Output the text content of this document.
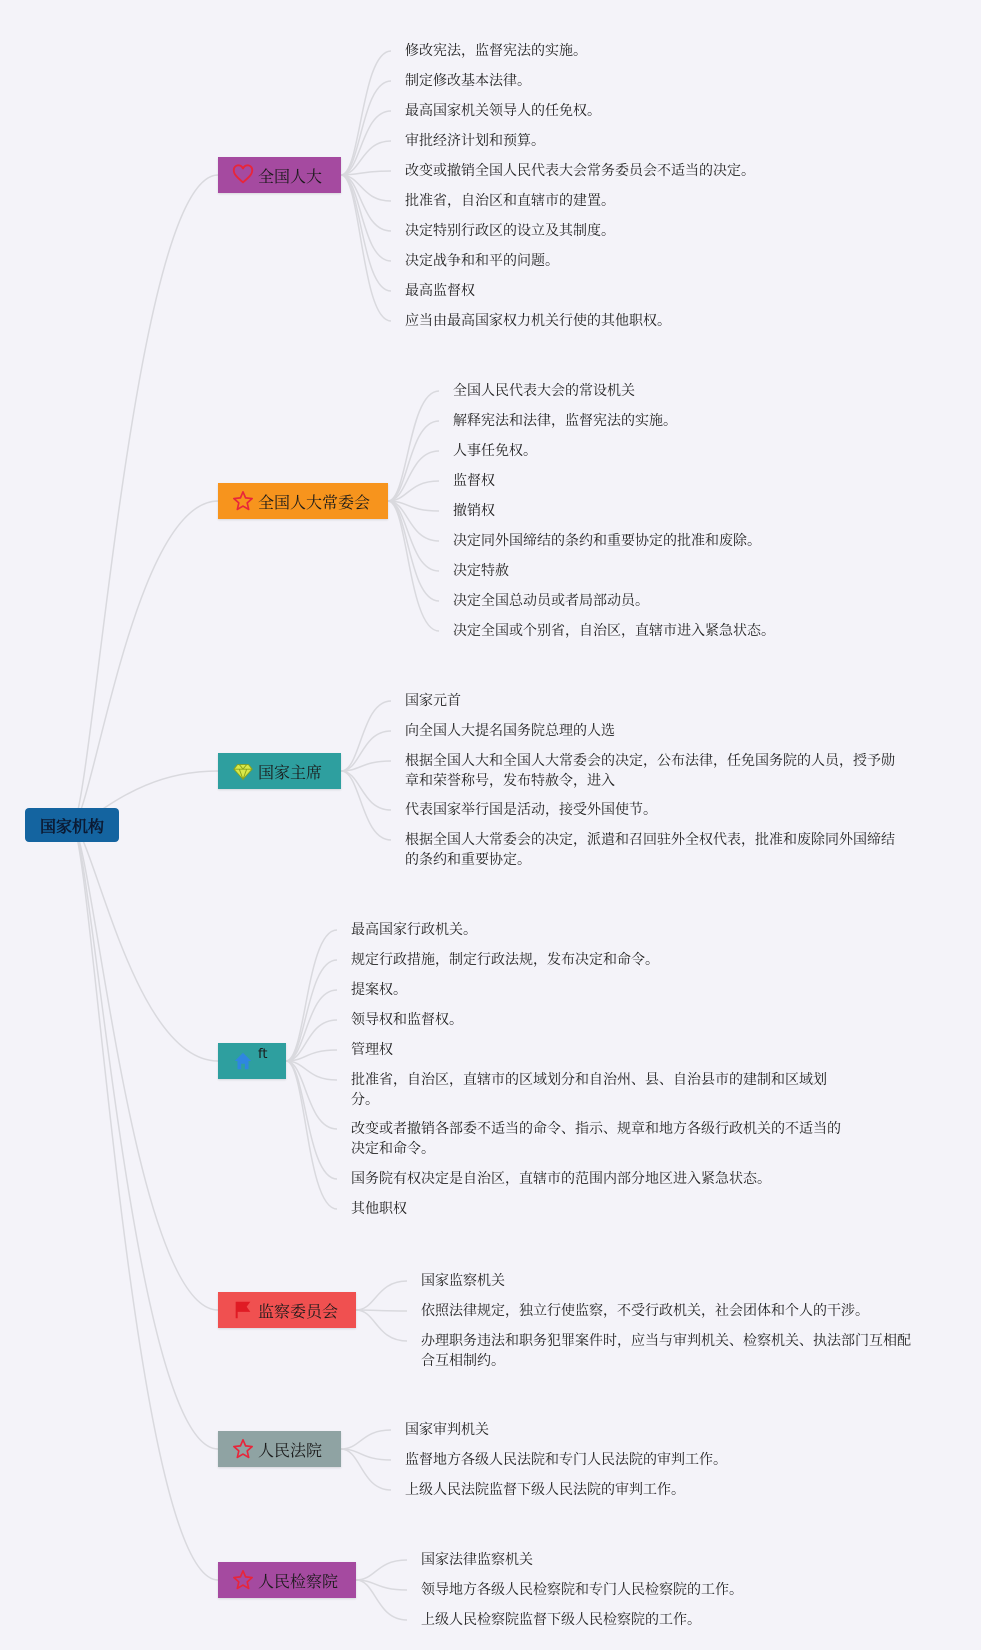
国家机构
全国人大
修改宪法，监督宪法的实施。
制定修改基本法律。
最高国家机关领导人的任免权。
审批经济计划和预算。
改变或撤销全国人民代表大会常务委员会不适当的决定。
批准省，自治区和直辖市的建置。
决定特别行政区的设立及其制度。
决定战争和和平的问题。
最高监督权
应当由最高国家权力机关行使的其他职权。
全国人大常委会
全国人民代表大会的常设机关
解释宪法和法律，监督宪法的实施。
人事任免权。
监督权
撤销权
决定同外国缔结的条约和重要协定的批准和废除。
决定特赦
决定全国总动员或者局部动员。
决定全国或个别省，自治区，直辖市进入紧急状态。
国家主席
国家元首
向全国人大提名国务院总理的人选
根据全国人大和全国人大常委会的决定，公布法律，任免国务院的人员，授予勋章和荣誉称号，发布特赦令，进入
代表国家举行国是活动，接受外国使节。
根据全国人大常委会的决定，派遣和召回驻外全权代表，批准和废除同外国缔结的条约和重要协定。
ft
最高国家行政机关。
规定行政措施，制定行政法规，发布决定和命令。
提案权。
领导权和监督权。
管理权
批准省，自治区，直辖市的区域划分和自治州、县、自治县市的建制和区域划分。
改变或者撤销各部委不适当的命令、指示、规章和地方各级行政机关的不适当的决定和命令。
国务院有权决定是自治区，直辖市的范围内部分地区进入紧急状态。
其他职权
监察委员会
国家监察机关
依照法律规定，独立行使监察，不受行政机关，社会团体和个人的干涉。
办理职务违法和职务犯罪案件时，应当与审判机关、检察机关、执法部门互相配合互相制约。
人民法院
国家审判机关
监督地方各级人民法院和专门人民法院的审判工作。
上级人民法院监督下级人民法院的审判工作。
人民检察院
国家法律监察机关
领导地方各级人民检察院和专门人民检察院的工作。
上级人民检察院监督下级人民检察院的工作。
